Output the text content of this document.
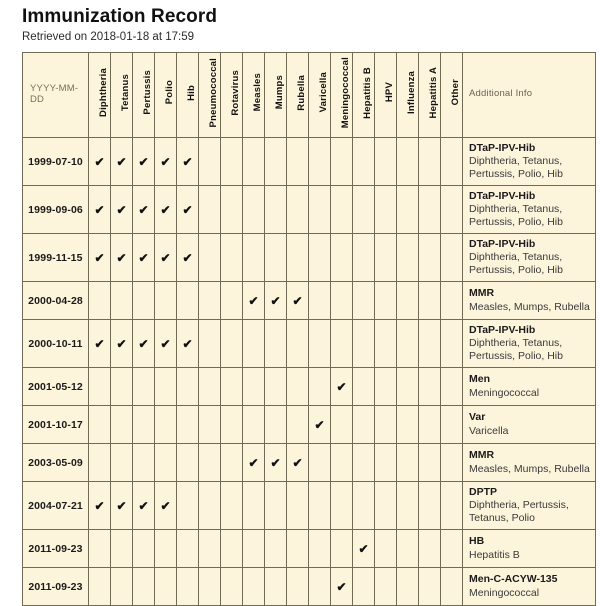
Immunization Record
Retrieved on 2018-01-18 at 17:59
YYYY-MM-DD	Diphtheria	Tetanus	Pertussis	Polio	Hib	Pneumococcal	Rotavirus	Measles	Mumps	Rubella	Varicella	Meningococcal	Hepatitis B	HPV	Influenza	Hepatitis A	Other	Additional Info

1999-07-10	✔	✔	✔	✔	✔													DTaP-IPV-Hib
Diphtheria, Tetanus, Pertussis, Polio, Hib

1999-09-06	✔	✔	✔	✔	✔													DTaP-IPV-Hib
Diphtheria, Tetanus, Pertussis, Polio, Hib

1999-11-15	✔	✔	✔	✔	✔													DTaP-IPV-Hib
Diphtheria, Tetanus, Pertussis, Polio, Hib

2000-04-28								✔	✔	✔								MMR
Measles, Mumps, Rubella

2000-10-11	✔	✔	✔	✔	✔													DTaP-IPV-Hib
Diphtheria, Tetanus, Pertussis, Polio, Hib

2001-05-12												✔						Men
Meningococcal

2001-10-17											✔							Var
Varicella

2003-05-09								✔	✔	✔								MMR
Measles, Mumps, Rubella

2004-07-21	✔	✔	✔	✔														DPTP
Diphtheria, Pertussis, Tetanus, Polio

2011-09-23													✔					HB
Hepatitis B

2011-09-23												✔						Men-C-ACYW-135
Meningococcal
